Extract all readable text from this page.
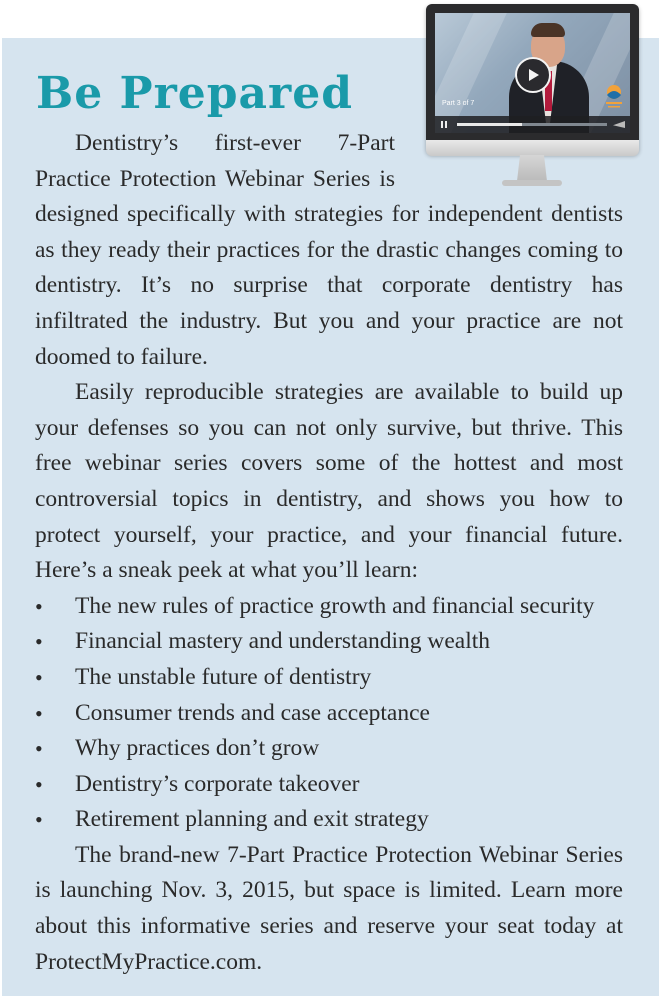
Be Prepared	Part 3 of 7

Dentistry’s first-ever 7-Part Practice Protection Webinar Series is designed specifically with strategies for independent dentists as they ready their practices for the drastic changes coming to dentistry. It’s no surprise that corporate dentistry has infiltrated the industry. But you and your practice are not doomed to failure.

Easily reproducible strategies are available to build up your defenses so you can not only survive, but thrive. This free webinar series covers some of the hottest and most controversial topics in dentistry, and shows you how to protect yourself, your practice, and your financial future. Here’s a sneak peek at what you’ll learn:

• The new rules of practice growth and financial security
• Financial mastery and understanding wealth
• The unstable future of dentistry
• Consumer trends and case acceptance
• Why practices don’t grow
• Dentistry’s corporate takeover
• Retirement planning and exit strategy

The brand-new 7-Part Practice Protection Webinar Series is launching Nov. 3, 2015, but space is limited. Learn more about this informative series and reserve your seat today at ProtectMyPractice.com.
